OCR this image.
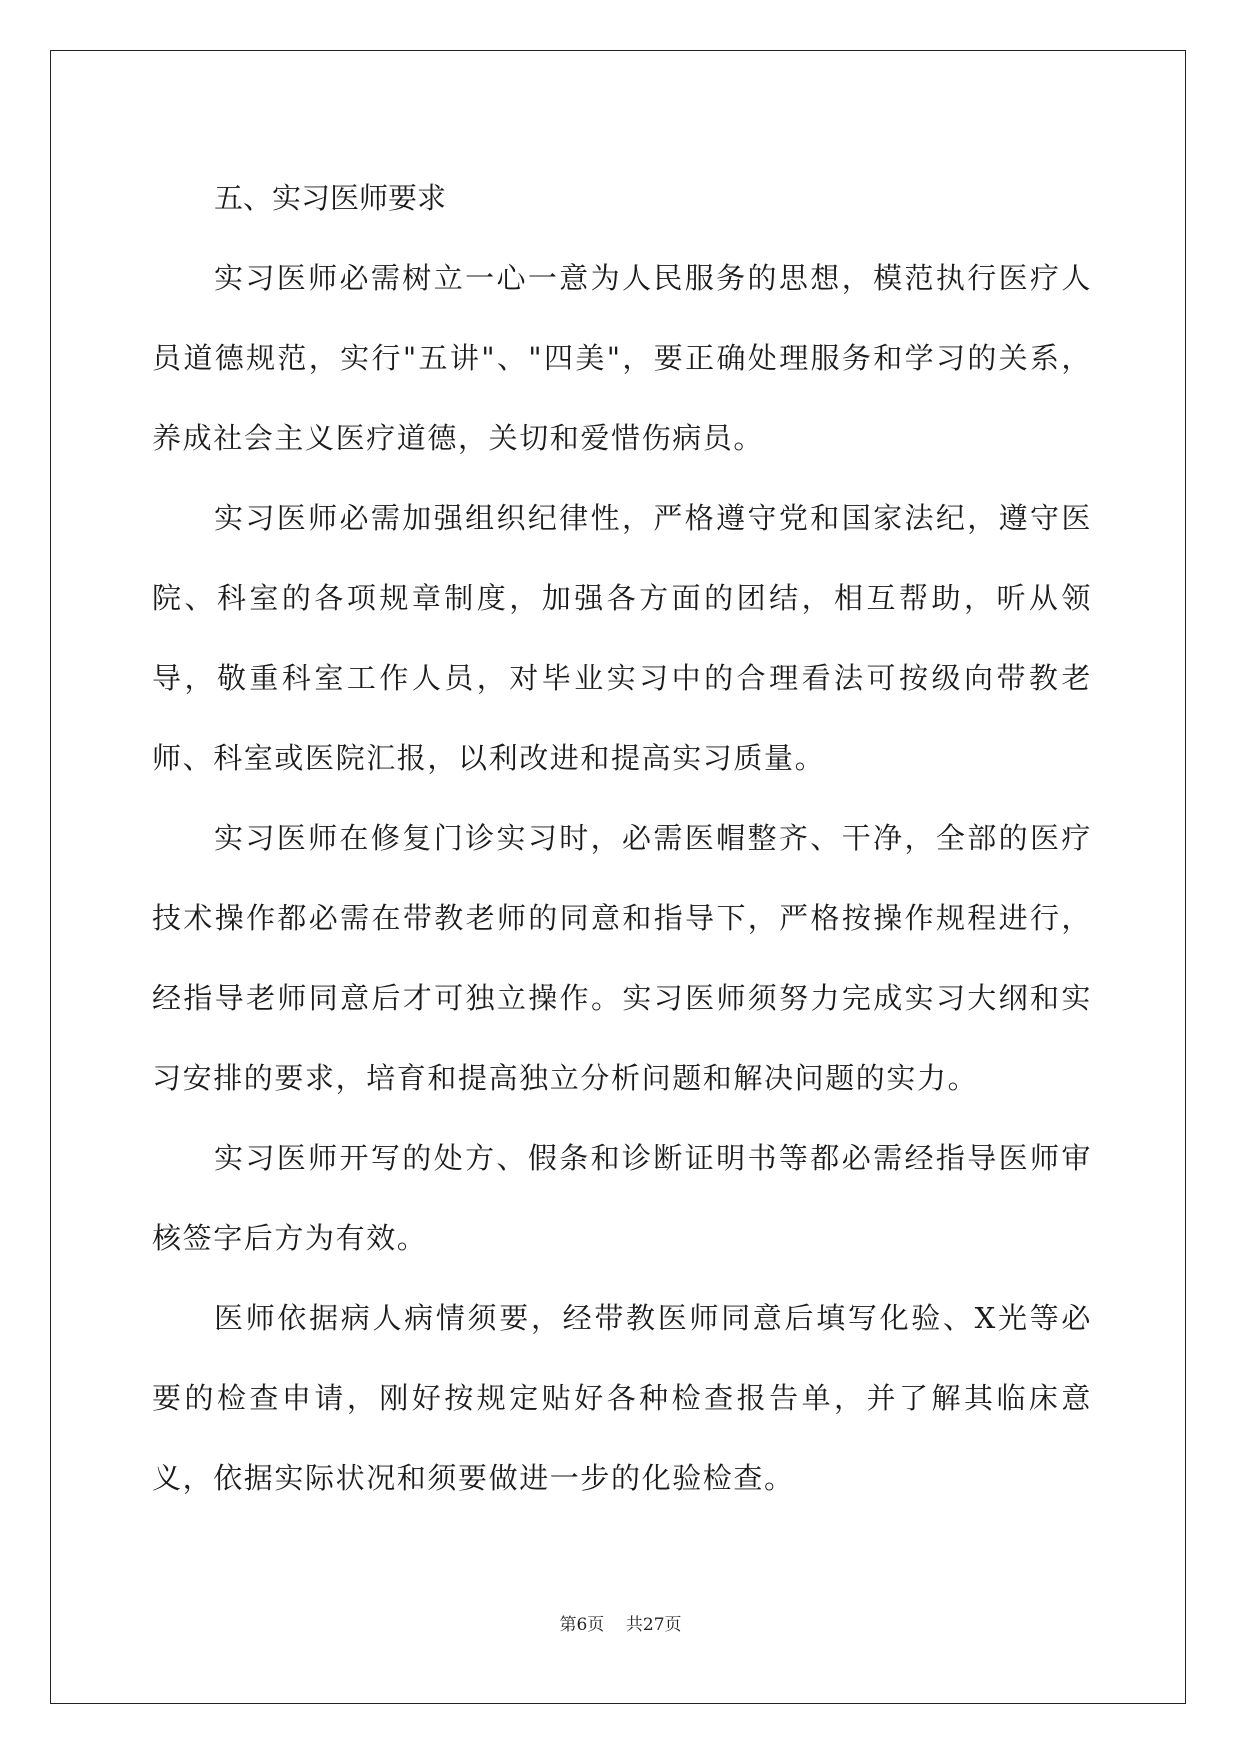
五、实习医师要求

实习医师必需树立一心一意为人民服务的思想，模范执行医疗人员道德规范，实行"五讲"、"四美"，要正确处理服务和学习的关系，养成社会主义医疗道德，关切和爱惜伤病员。

实习医师必需加强组织纪律性，严格遵守党和国家法纪，遵守医院、科室的各项规章制度，加强各方面的团结，相互帮助，听从领导，敬重科室工作人员，对毕业实习中的合理看法可按级向带教老师、科室或医院汇报，以利改进和提高实习质量。

实习医师在修复门诊实习时，必需医帽整齐、干净，全部的医疗技术操作都必需在带教老师的同意和指导下，严格按操作规程进行，经指导老师同意后才可独立操作。实习医师须努力完成实习大纲和实习安排的要求，培育和提高独立分析问题和解决问题的实力。

实习医师开写的处方、假条和诊断证明书等都必需经指导医师审核签字后方为有效。

医师依据病人病情须要，经带教医师同意后填写化验、X光等必要的检查申请，刚好按规定贴好各种检查报告单，并了解其临床意义，依据实际状况和须要做进一步的化验检查。

第6页 共27页
